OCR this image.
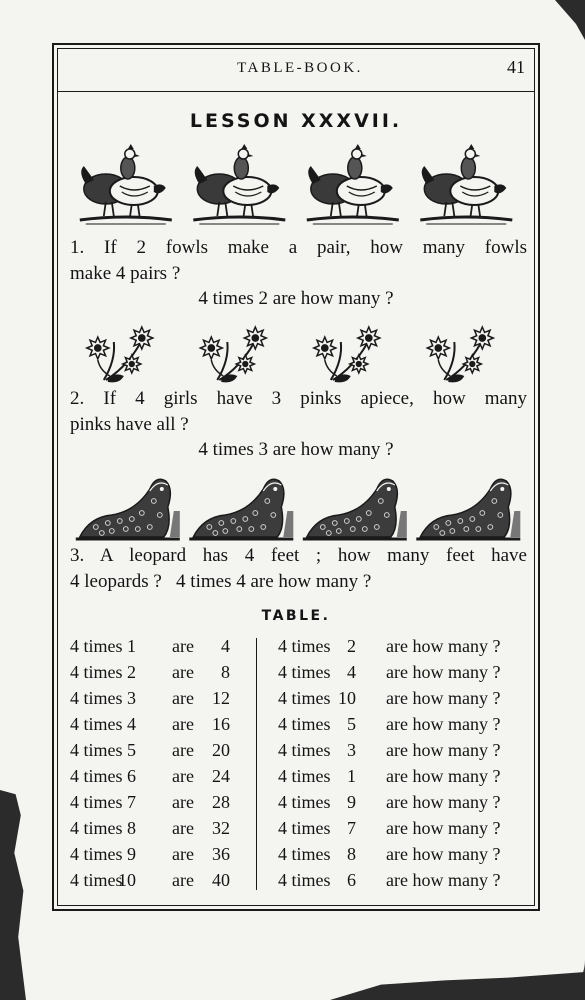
TABLE-BOOK.	41
LESSON XXXVII.
1. If 2 fowls make a pair, how many fowls
make 4 pairs ?
4 times 2 are how many ?
2. If 4 girls have 3 pinks apiece, how many
pinks have all ?
4 times 3 are how many ?
3. A leopard has 4 feet ; how many feet have
4 leopards ?   4 times 4 are how many ?
TABLE.
4 times 1 are 4
4 times 2 are 8
4 times 3 are 12
4 times 4 are 16
4 times 5 are 20
4 times 6 are 24
4 times 7 are 28
4 times 8 are 32
4 times 9 are 36
4 times
10 are 40
4 times 2 are how many ?
4 times 4 are how many ?
4 times 10 are how many ?
4 times 5 are how many ?
4 times 3 are how many ?
4 times 1 are how many ?
4 times 9 are how many ?
4 times 7 are how many ?
4 times 8 are how many ?
4 times 6 are how many ?
